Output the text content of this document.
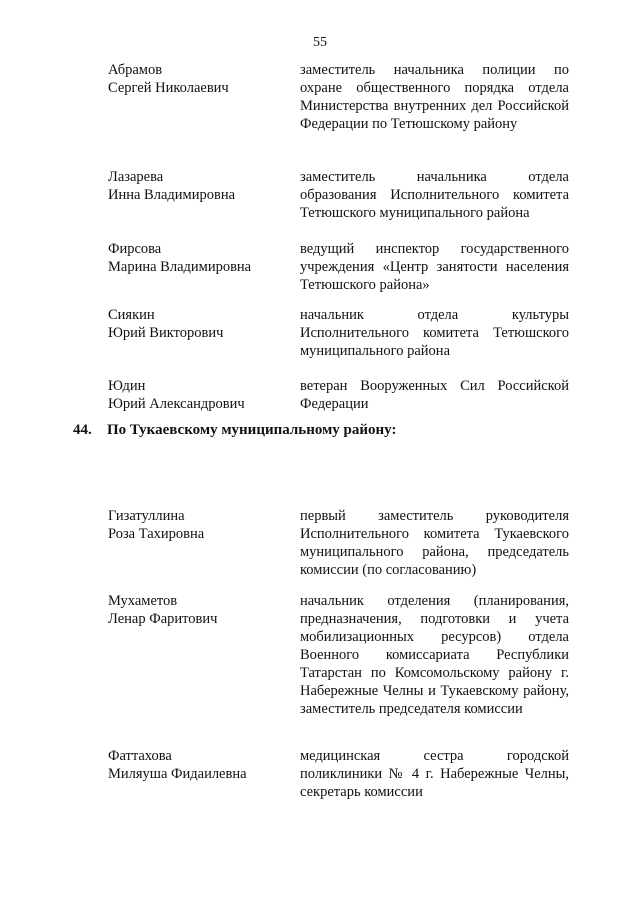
55
Абрамов
Сергей Николаевич
заместитель начальника полиции по охране общественного порядка отдела Министерства внутренних дел Российской Федерации по Тетюшскому району
Лазарева
Инна Владимировна
заместитель начальника отдела образования Исполнительного комитета Тетюшского муниципального района
Фирсова
Марина Владимировна
ведущий инспектор государственного учреждения «Центр занятости населения Тетюшского района»
Сиякин
Юрий Викторович
начальник отдела культуры Исполнительного комитета Тетюшского муниципального района
Юдин
Юрий Александрович
ветеран Вооруженных Сил Российской Федерации
Гизатуллина
Роза Тахировна
первый заместитель руководителя Исполнительного комитета Тукаевского муниципального района, председатель комиссии (по согласованию)
Мухаметов
Ленар Фаритович
начальник отделения (планирования, предназначения, подготовки и учета мобилизационных ресурсов) отдела Военного комиссариата Республики Татарстан по Комсомольскому району г. Набережные Челны и Тукаевскому району, заместитель председателя комиссии
Фаттахова
Миляуша Фидаилевна
медицинская сестра городской поликлиники № 4 г. Набережные Челны, секретарь комиссии
44. По Тукаевскому муниципальному району:
